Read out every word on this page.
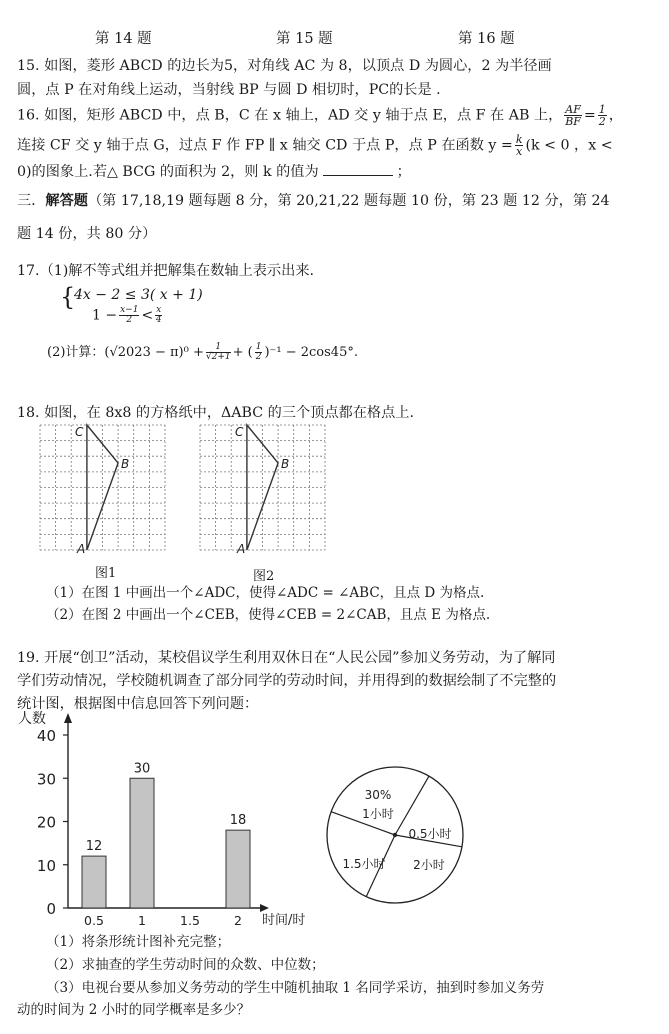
第 14 题	第 15 题	第 16 题
15. 如图，菱形 ABCD 的边长为5，对角线 AC 为 8，以顶点 D 为圆心，2 为半径画
圆，点 P 在对角线上运动，当射线 BP 与圆 D 相切时，PC的长是 .
16. 如图，矩形 ABCD 中，点 B，C 在 x 轴上，AD 交 y 轴于点 E，点 F 在 AB 上， $\frac{AF}{BF} = \frac{1}{2}$ ，
连接 CF 交 y 轴于点 G，过点 F 作 FP ∥ x 轴交 CD 于点 P，点 P 在函数 $y = \frac{k}{x} (k < 0$ ，x <
0)的图象上.若△ BCG 的面积为 2，则 k 的值为	；
三．解答题（第 17,18,19 题每题 8 分，第 20,21,22 题每题 10 份，第 23 题 12 分，第 24
题 14 份，共 80 分）
17.（1)解不等式组并把解集在数轴上表示出来.
{
4x − 2 ≤ 3( x + 1)
$1 - \frac{x-1}{2} < \frac{x}{4}$
(2)计算：$(√2023 - \pi)^0 + \frac{1}{√2+1}$ + ( $\frac{1}{2} )^{-1} - 2\cos 45^\circ$.
18. 如图，在 8x8 的方格纸中，ΔABC 的三个顶点都在格点上.
C
B
A
图1
C
B
A
图2
（1）在图 1 中画出一个∠ADC，使得∠ADC = ∠ABC，且点 D 为格点.
（2）在图 2 中画出一个∠CEB，使得∠CEB = 2∠CAB，且点 E 为格点.
19. 开展“创卫”活动，某校倡议学生利用双休日在“人民公园”参加义务劳动，为了解同
学们劳动情况，学校随机调查了部分同学的劳动时间，并用得到的数据绘制了不完整的
统计图，根据图中信息回答下列问题：
人数
时间/时
0
10
20
30
40
0.5	1	1.5	2
12
30
18
30%
1小时
0.5小时
2小时
1.5小时
（1）将条形统计图补充完整；
（2）求抽查的学生劳动时间的众数、中位数；
（3）电视台要从参加义务劳动的学生中随机抽取 1 名同学采访，抽到时参加义务劳
动的时间为 2 小时的同学概率是多少？
